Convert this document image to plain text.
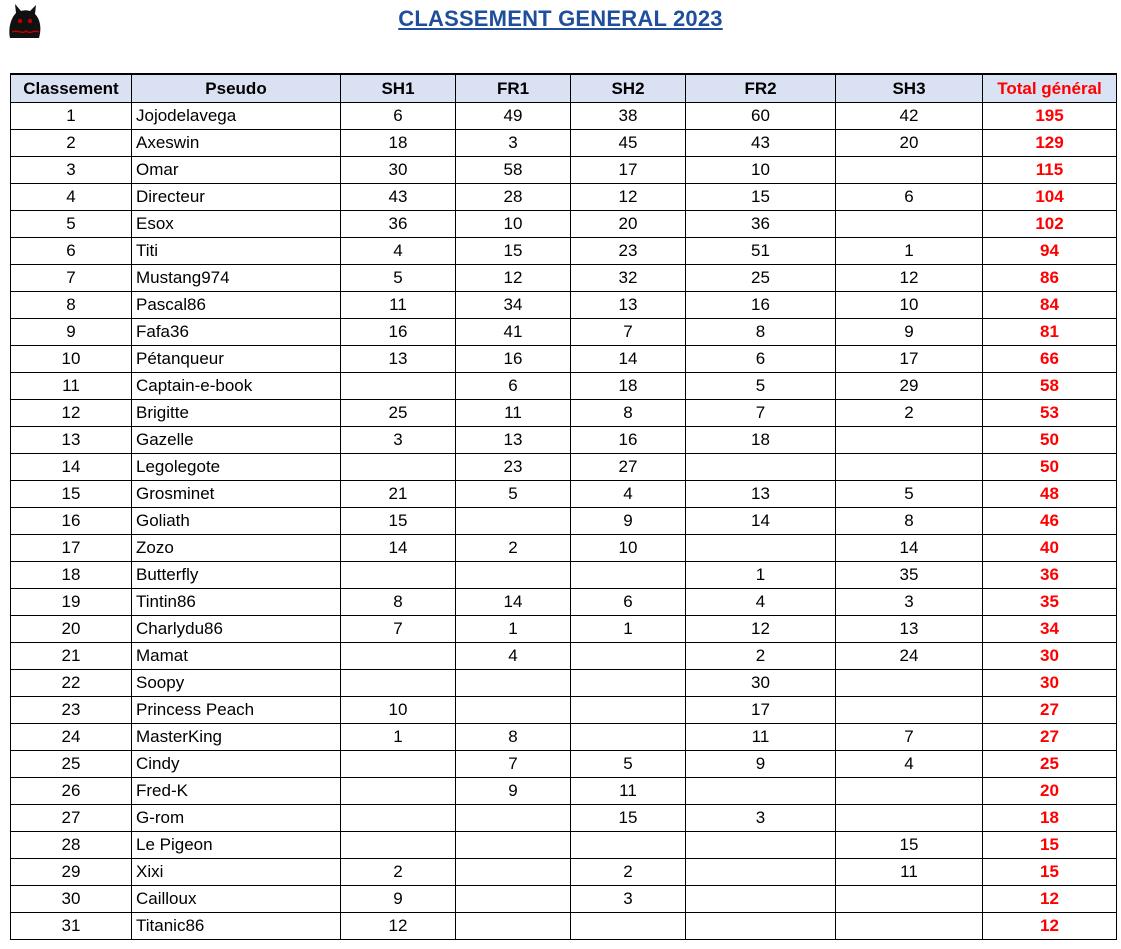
CLASSEMENT GENERAL 2023
Classement	Pseudo	SH1	FR1	SH2	FR2	SH3	Total général
1	Jojodelavega	6	49	38	60	42	195
2	Axeswin	18	3	45	43	20	129
3	Omar	30	58	17	10		115
4	Directeur	43	28	12	15	6	104
5	Esox	36	10	20	36		102
6	Titi	4	15	23	51	1	94
7	Mustang974	5	12	32	25	12	86
8	Pascal86	11	34	13	16	10	84
9	Fafa36	16	41	7	8	9	81
10	Pétanqueur	13	16	14	6	17	66
11	Captain-e-book		6	18	5	29	58
12	Brigitte	25	11	8	7	2	53
13	Gazelle	3	13	16	18		50
14	Legolegote		23	27			50
15	Grosminet	21	5	4	13	5	48
16	Goliath	15		9	14	8	46
17	Zozo	14	2	10		14	40
18	Butterfly				1	35	36
19	Tintin86	8	14	6	4	3	35
20	Charlydu86	7	1	1	12	13	34
21	Mamat		4		2	24	30
22	Soopy				30		30
23	Princess Peach	10			17		27
24	MasterKing	1	8		11	7	27
25	Cindy		7	5	9	4	25
26	Fred-K		9	11			20
27	G-rom			15	3		18
28	Le Pigeon					15	15
29	Xixi	2		2		11	15
30	Cailloux	9		3			12
31	Titanic86	12					12
